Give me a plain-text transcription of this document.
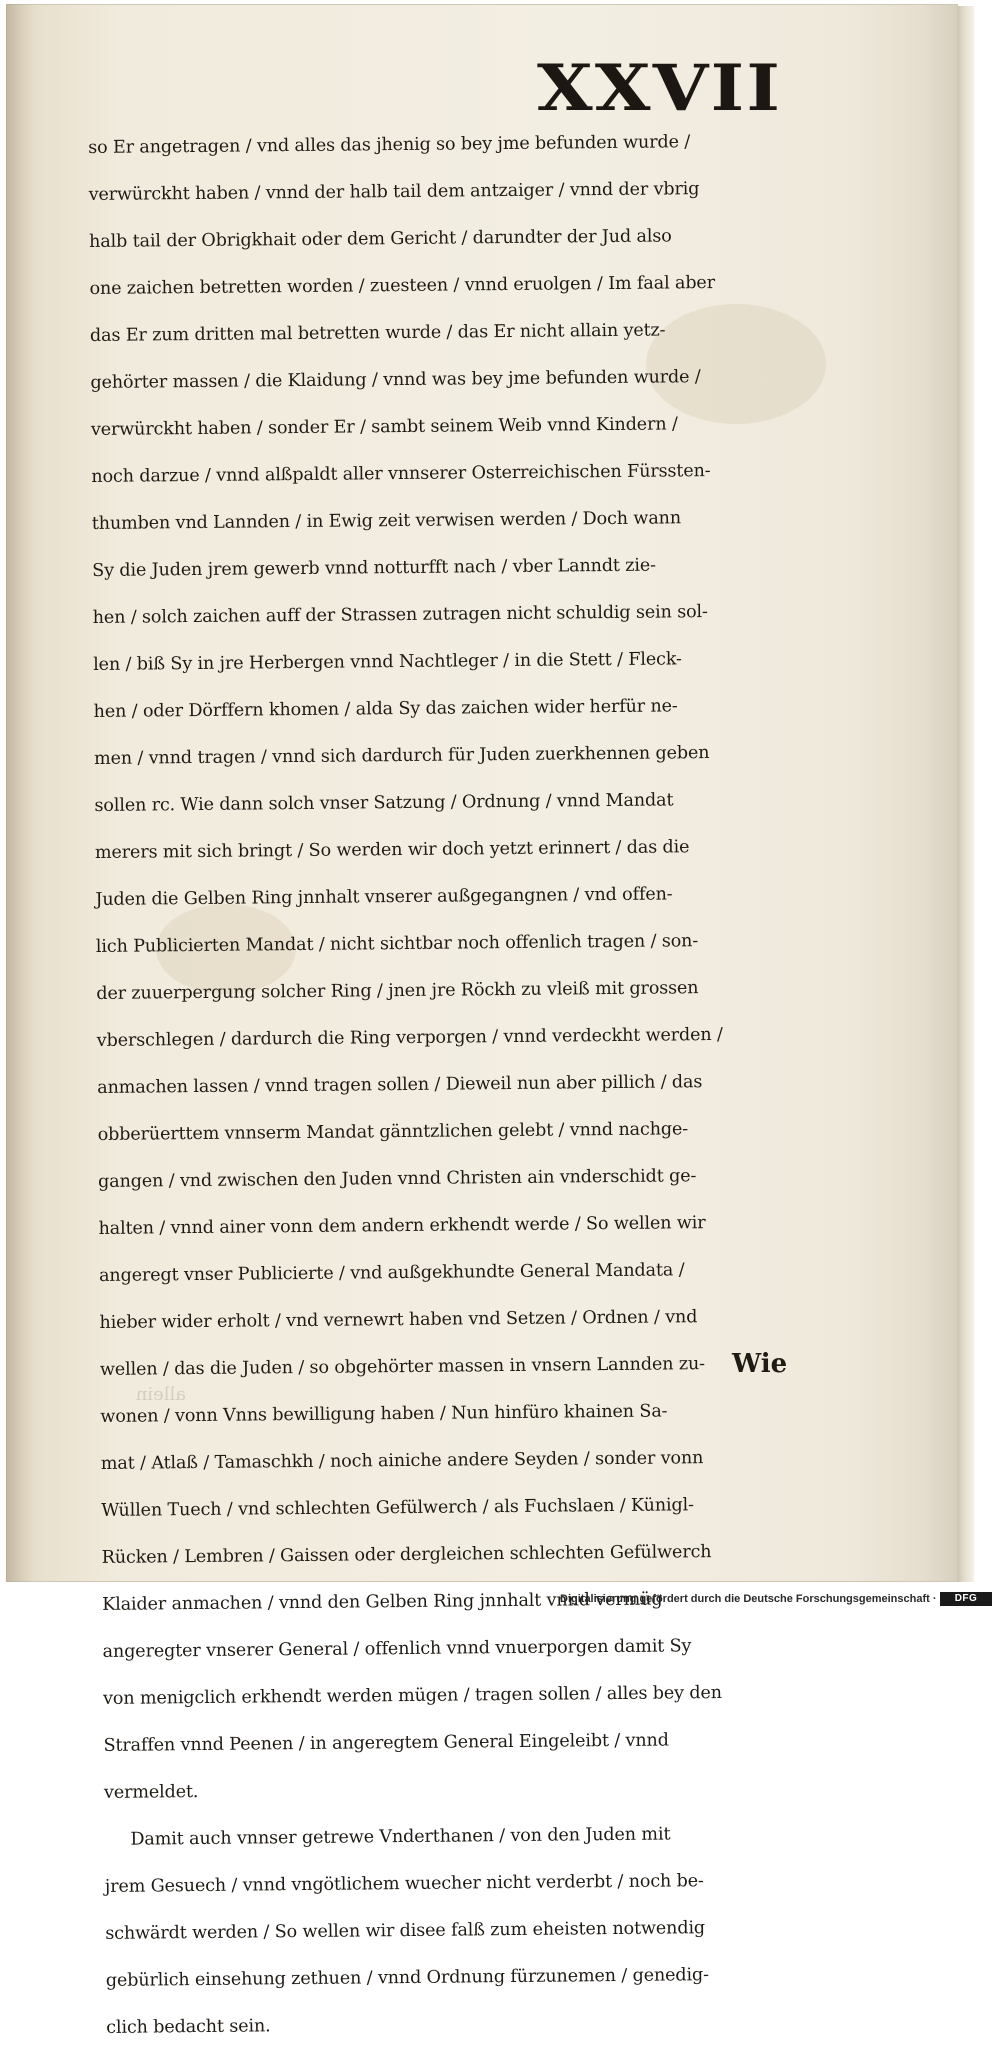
XXVII
so Er angetragen / vnd alles das jhenig so bey jme befunden wurde /
verwürckht haben / vnnd der halb tail dem antzaiger / vnnd der vbrig
halb tail der Obrigkhait oder dem Gericht / darundter der Jud also
one zaichen betretten worden / zuesteen / vnnd eruolgen / Im faal aber
das Er zum dritten mal betretten wurde / das Er nicht allain yetz-
gehörter massen / die Klaidung / vnnd was bey jme befunden wurde /
verwürckht haben / sonder Er / sambt seinem Weib vnnd Kindern /
noch darzue / vnnd alßpaldt aller vnnserer Osterreichischen Fürssten-
thumben vnd Lannden / in Ewig zeit verwisen werden / Doch wann
Sy die Juden jrem gewerb vnnd notturfft nach / vber Lanndt zie-
hen / solch zaichen auff der Strassen zutragen nicht schuldig sein sol-
len / biß Sy in jre Herbergen vnnd Nachtleger / in die Stett / Fleck-
hen / oder Dörffern khomen / alda Sy das zaichen wider herfür ne-
men / vnnd tragen / vnnd sich dardurch für Juden zuerkhennen geben
sollen rc. Wie dann solch vnser Satzung / Ordnung / vnnd Mandat
merers mit sich bringt / So werden wir doch yetzt erinnert / das die
Juden die Gelben Ring jnnhalt vnserer außgegangnen / vnd offen-
lich Publicierten Mandat / nicht sichtbar noch offenlich tragen / son-
der zuuerpergung solcher Ring / jnen jre Röckh zu vleiß mit grossen
vberschlegen / dardurch die Ring verporgen / vnnd verdeckht werden /
anmachen lassen / vnnd tragen sollen / Dieweil nun aber pillich / das
obberüerttem vnnserm Mandat gänntzlichen gelebt / vnnd nachge-
gangen / vnd zwischen den Juden vnnd Christen ain vnderschidt ge-
halten / vnnd ainer vonn dem andern erkhendt werde / So wellen wir
angeregt vnser Publicierte / vnd außgekhundte General Mandata /
hieber wider erholt / vnd vernewrt haben vnd Setzen / Ordnen / vnd
wellen / das die Juden / so obgehörter massen in vnsern Lannden zu-
wonen / vonn Vnns bewilligung haben / Nun hinfüro khainen Sa-
mat / Atlaß / Tamaschkh / noch ainiche andere Seyden / sonder vonn
Wüllen Tuech / vnd schlechten Gefülwerch / als Fuchslaen / Künigl-
Rücken / Lembren / Gaissen oder dergleichen schlechten Gefülwerch
Klaider anmachen / vnnd den Gelben Ring jnnhalt vnnd vermüg
angeregter vnserer General / offenlich vnnd vnuerporgen damit Sy
von menigclich erkhendt werden mügen / tragen sollen / alles bey den
Straffen vnnd Peenen / in angeregtem General Eingeleibt / vnnd
vermeldet.
Damit auch vnnser getrewe Vnderthanen / von den Juden mit
jrem Gesuech / vnnd vngötlichem wuecher nicht verderbt / noch be-
schwärdt werden / So wellen wir disee falß zum eheisten notwendig
gebürlich einsehung zethuen / vnnd Ordnung fürzunemen / genedig-
clich bedacht sein.
Wie
allein
Digitalisierung gefördert durch die Deutsche Forschungsgemeinschaft ·	DFG
